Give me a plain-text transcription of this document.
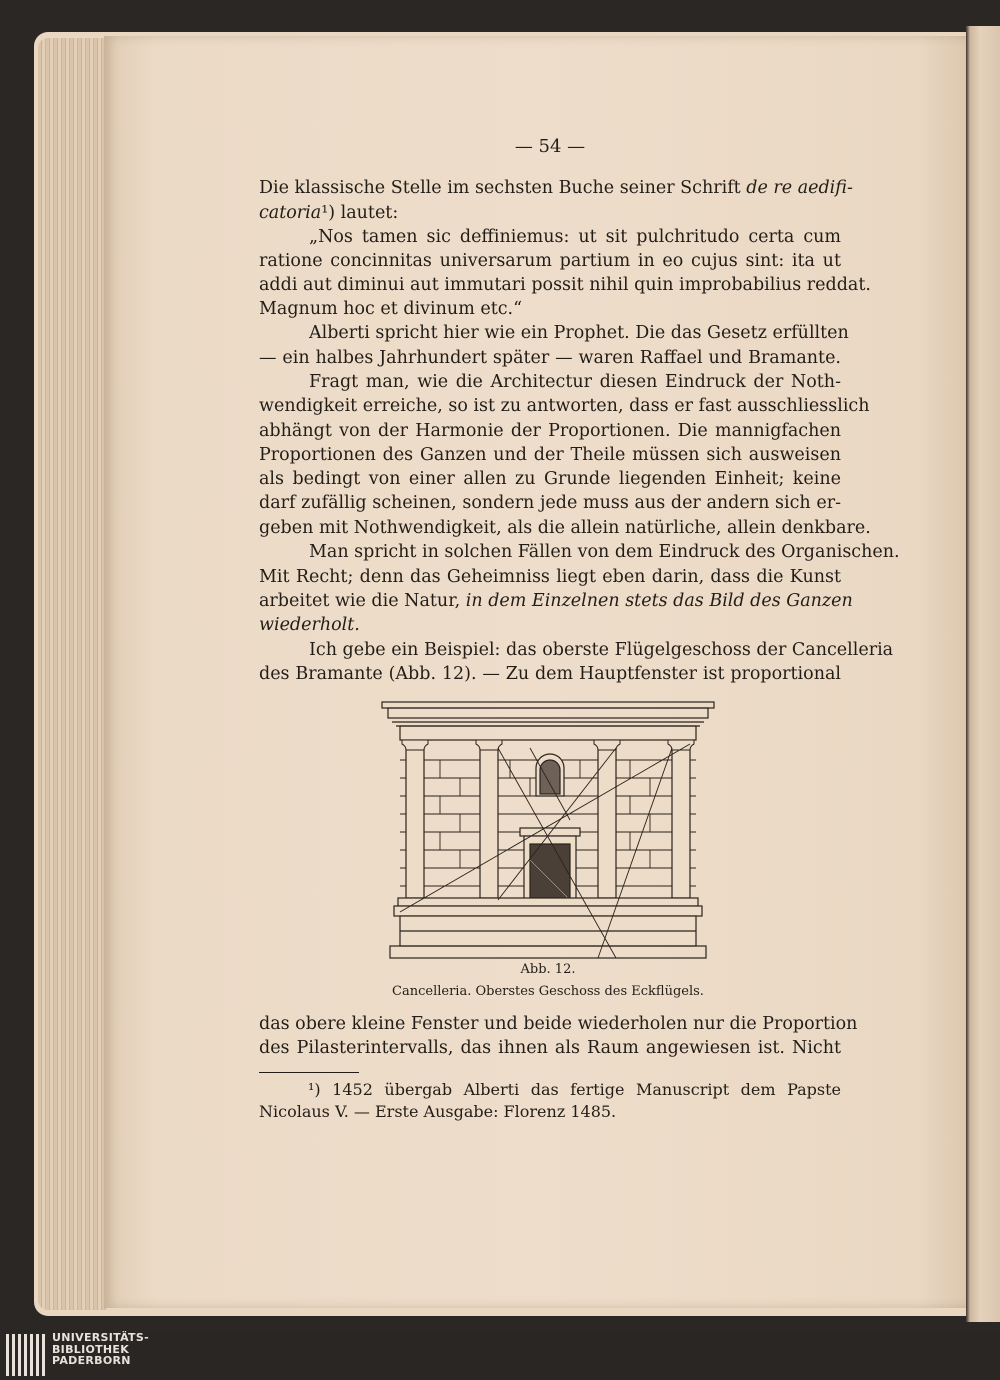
— 54 —
Die klassische Stelle im sechsten Buche seiner Schrift de re aedifi-
catoria¹) lautet:
„Nos tamen sic deffiniemus: ut sit pulchritudo certa cum
ratione concinnitas universarum partium in eo cujus sint: ita ut
addi aut diminui aut immutari possit nihil quin improbabilius reddat.
Magnum hoc et divinum etc.“
Alberti spricht hier wie ein Prophet. Die das Gesetz erfüllten
— ein halbes Jahrhundert später — waren Raffael und Bramante.
Fragt man, wie die Architectur diesen Eindruck der Noth-
wendigkeit erreiche, so ist zu antworten, dass er fast ausschliesslich
abhängt von der Harmonie der Proportionen. Die mannigfachen
Proportionen des Ganzen und der Theile müssen sich ausweisen
als bedingt von einer allen zu Grunde liegenden Einheit; keine
darf zufällig scheinen, sondern jede muss aus der andern sich er-
geben mit Nothwendigkeit, als die allein natürliche, allein denkbare.
Man spricht in solchen Fällen von dem Eindruck des Organischen.
Mit Recht; denn das Geheimniss liegt eben darin, dass die Kunst
arbeitet wie die Natur, in dem Einzelnen stets das Bild des Ganzen
wiederholt.
Ich gebe ein Beispiel: das oberste Flügelgeschoss der Cancelleria
des Bramante (Abb. 12). — Zu dem Hauptfenster ist proportional
Abb. 12.
Cancelleria. Oberstes Geschoss des Eckflügels.
das obere kleine Fenster und beide wiederholen nur die Proportion
des Pilasterintervalls, das ihnen als Raum angewiesen ist. Nicht
¹) 1452 übergab Alberti das fertige Manuscript dem Papste
Nicolaus V. — Erste Ausgabe: Florenz 1485.
UNIVERSITÄTS-
BIBLIOTHEK
PADERBORN
